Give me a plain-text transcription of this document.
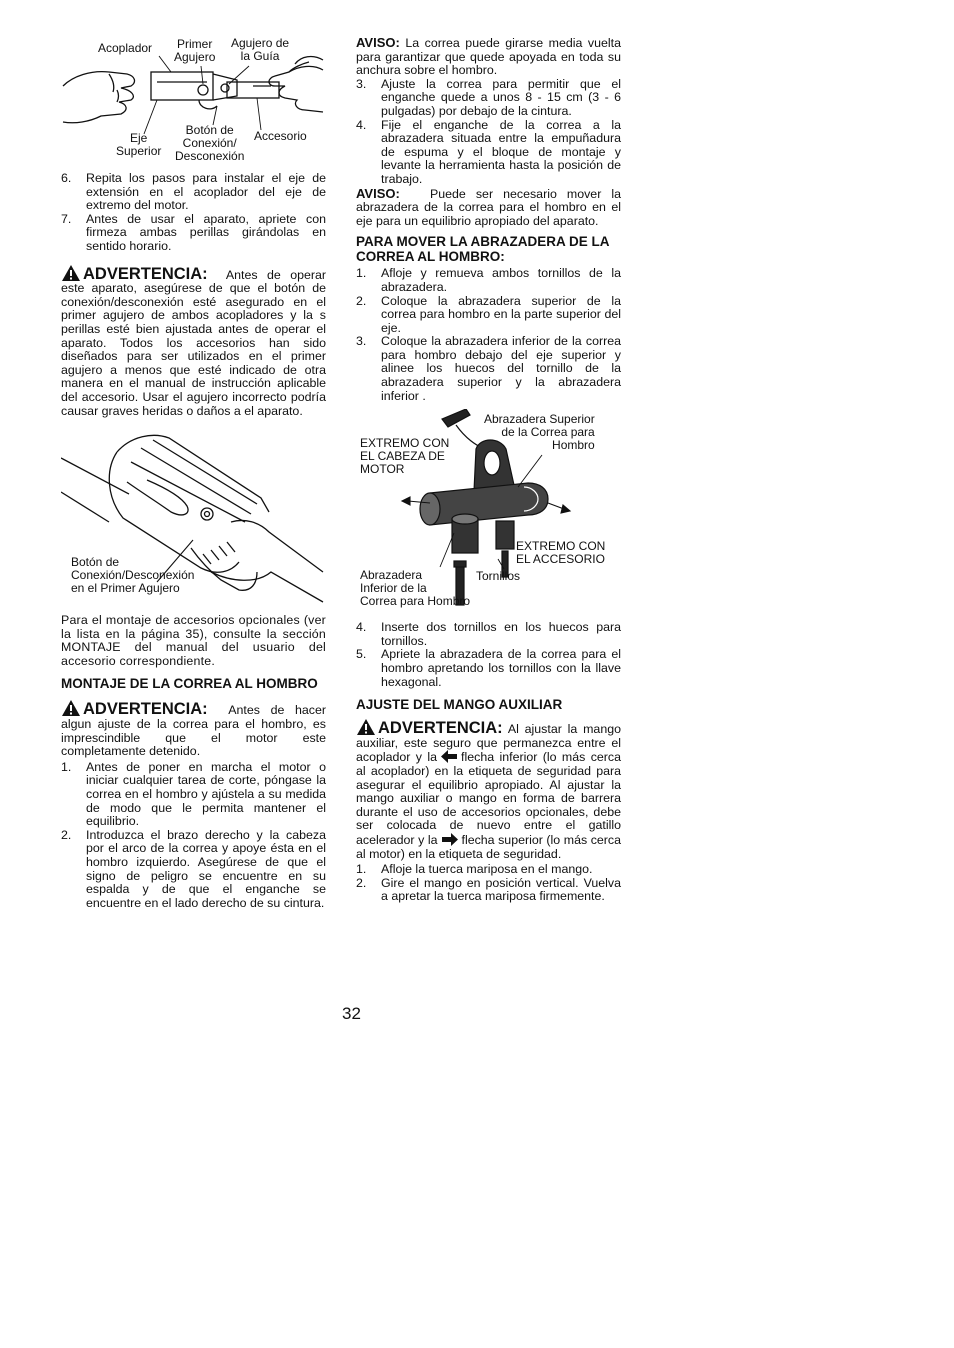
Acoplador Primer
Agujero
Agujero de
la Guía
Eje
Superior
Botón de
Conexión/
Desconexión
Accesorio
6. Repita los pasos para instalar el eje de extensión en el acoplador del eje de extremo del motor.
7. Antes de usar el aparato, apriete con firmeza ambas perillas girándolas en sentido horario.

ADVERTENCIA: Antes de operar este aparato, asegúrese de que el botón de conexión/desconexión esté asegurado en el primer agujero de ambos acopladores y la s perillas esté bien ajustada antes de operar el aparato. Todos los accesorios han sido diseñados para ser utilizados en el primer agujero a menos que esté indicado de otra manera en el manual de instrucción aplicable del accesorio. Usar el agujero incorrecto podría causar graves heridas o daños a el aparato.

Botón de
Conexión/Desconexión
en el Primer Agujero

Para el montaje de accesorios opcionales (ver la lista en la página 35), consulte la sección MONTAJE del manual del usuario del accesorio correspondiente.

MONTAJE DE LA CORREA AL HOMBRO

ADVERTENCIA: Antes de hacer algun ajuste de la correa para el hombro, es imprescindible que el motor este completamente detenido.

1. Antes de poner en marcha el motor o iniciar cualquier tarea de corte, póngase la correa en el hombro y ajústela a su medida de modo que le permita mantener el equilibrio.
2. Introduzca el brazo derecho y la cabeza por el arco de la correa y apoye ésta en el hombro izquierdo. Asegúrese de que el signo de peligro se encuentre en su espalda y de que el enganche se encuentre en el lado derecho de su cintura.

AVISO: La correa puede girarse media vuelta para garantizar que quede apoyada en toda su anchura sobre el hombro.

3. Ajuste la correa para permitir que el enganche quede a unos 8 - 15 cm (3 - 6 pulgadas) por debajo de la cintura.
4. Fije el enganche de la correa a la abrazadera situada entre la empuñadura de espuma y el bloque de montaje y levante la herramienta hasta la posición de trabajo.

AVISO: Puede ser necesario mover la abrazadera de la correa para el hombro en el eje para un equilibrio apropiado del aparato.

PARA MOVER LA ABRAZADERA DE LA CORREA AL HOMBRO:
1. Afloje y remueva ambos tornillos de la abrazadera.
2. Coloque la abrazadera superior de la correa para hombro en la parte superior del eje.
3. Coloque la abrazadera inferior de la correa para hombro debajo del eje superior y alinee los huecos del tornillo de la abrazadera superior y la abrazadera inferior .
Abrazadera Superior
de la Correa para
Hombro
EXTREMO CON
EL CABEZA DE
MOTOR
EXTREMO CON
EL ACCESORIO
Tornillos
Abrazadera
Inferior de la
Correa para Hombro
4. Inserte dos tornillos en los huecos para tornillos.
5. Apriete la abrazadera de la correa para el hombro apretando los tornillos con la llave hexagonal.
AJUSTE DEL MANGO AUXILIAR

ADVERTENCIA: Al ajustar la mango auxiliar, este seguro que permanezca entre el acoplador y la flecha inferior (lo más cerca al acoplador) en la etiqueta de seguridad para asegurar el equilibrio apropiado. Al ajustar la mango auxiliar o mango en forma de barrera durante el uso de accesorios opcionales, debe ser colocada de nuevo entre el gatillo acelerador y la flecha superior (lo más cerca al motor) en la etiqueta de seguridad.

1. Afloje la tuerca mariposa en el mango.
2. Gire el mango en posición vertical. Vuelva a apretar la tuerca mariposa firmemente.
32
